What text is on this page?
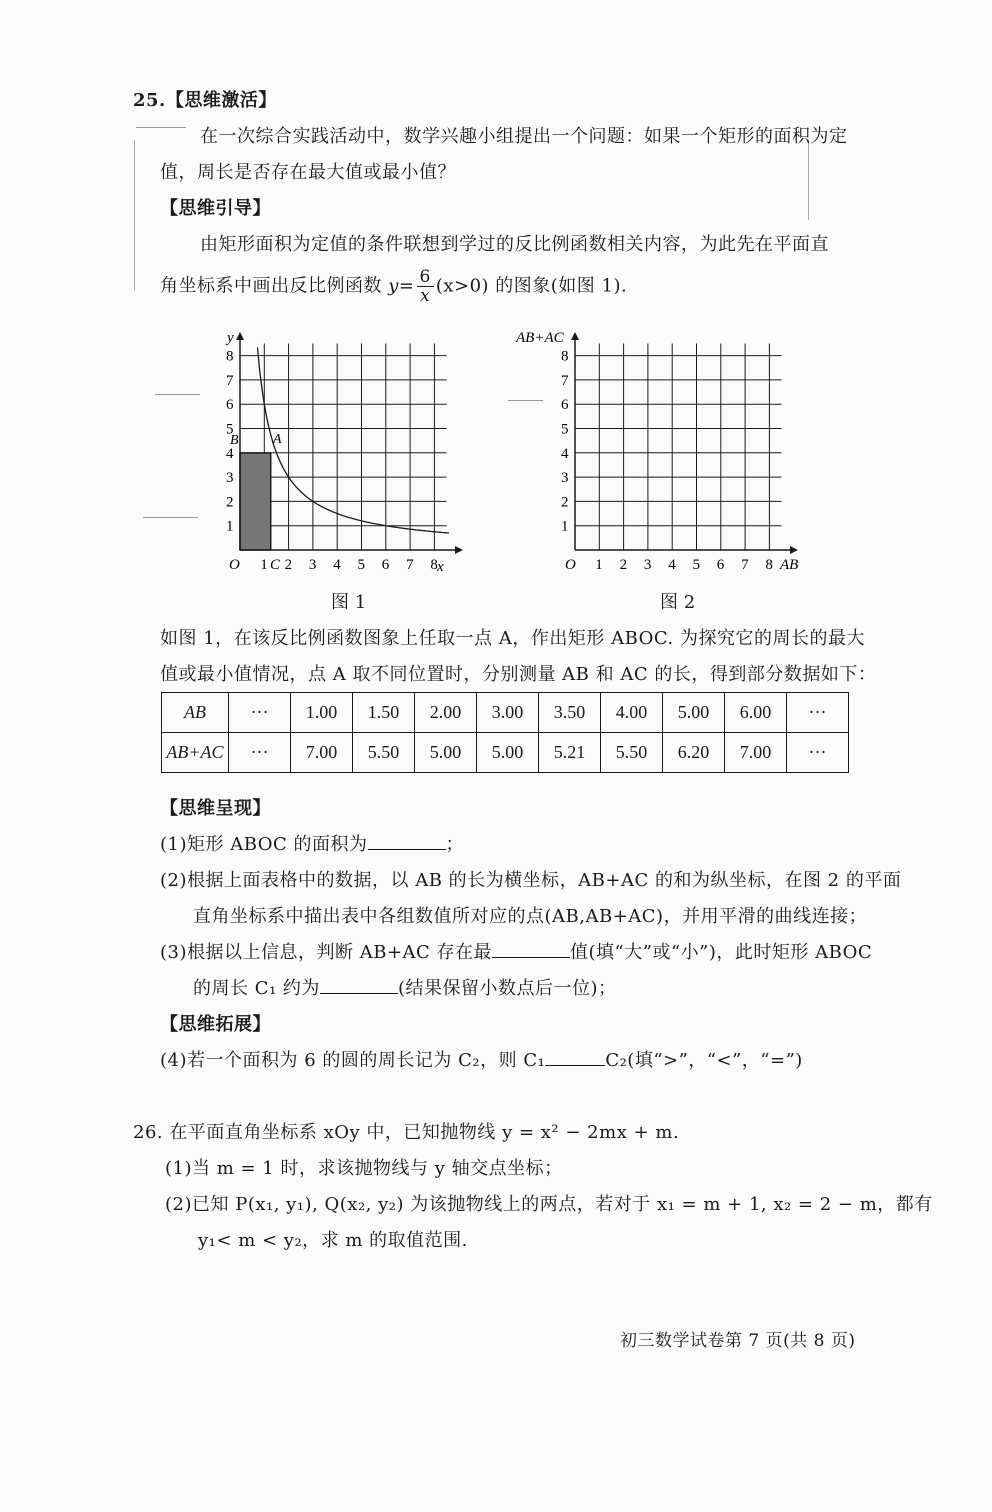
25.【思维激活】
在一次综合实践活动中，数学兴趣小组提出一个问题：如果一个矩形的面积为定
值，周长是否存在最大值或最小值？
【思维引导】
由矩形面积为定值的条件联想到学过的反比例函数相关内容，为此先在平面直
角坐标系中画出反比例函数 $y= \frac{6}{x} (x>0)$ 的图象(如图 1).
y
x
O
A
B
C
1 2 3 4 5 6 7 8
1
2
3
4
5
6
7
8
AB+AC
AB
O 1 2 3 4 5 6 7 8
1
2
3
4
5
6
7
8
图 1	图 2
如图 1，在该反比例函数图象上任取一点 A，作出矩形 ABOC. 为探究它的周长的最大
值或最小值情况，点 A 取不同位置时，分别测量 AB 和 AC 的长，得到部分数据如下：
AB	···	1.00	1.50	2.00	3.00	3.50	4.00	5.00	6.00	···
AB+AC	···	7.00	5.50	5.00	5.00	5.21	5.50	6.20	7.00	···
【思维呈现】
(1)矩形 ABOC 的面积为	；
(2)根据上面表格中的数据，以 AB 的长为横坐标，AB+AC 的和为纵坐标，在图 2 的平面
直角坐标系中描出表中各组数值所对应的点(AB,AB+AC)，并用平滑的曲线连接；
(3)根据以上信息，判断 AB+AC 存在最	值(填“大”或“小”)，此时矩形 ABOC
的周长 C₁ 约为	(结果保留小数点后一位)；
【思维拓展】
(4)若一个面积为 6 的圆的周长记为 C₂，则 C₁	C₂(填“>”，“<”，“=”)
26. 在平面直角坐标系 xOy 中，已知抛物线 y = x² − 2mx + m.
(1)当 m = 1 时，求该抛物线与 y 轴交点坐标；
(2)已知 P(x₁, y₁), Q(x₂, y₂) 为该抛物线上的两点，若对于 x₁ = m + 1, x₂ = 2 − m，都有
y₁< m < y₂，求 m 的取值范围.
初三数学试卷第 7 页(共 8 页)
